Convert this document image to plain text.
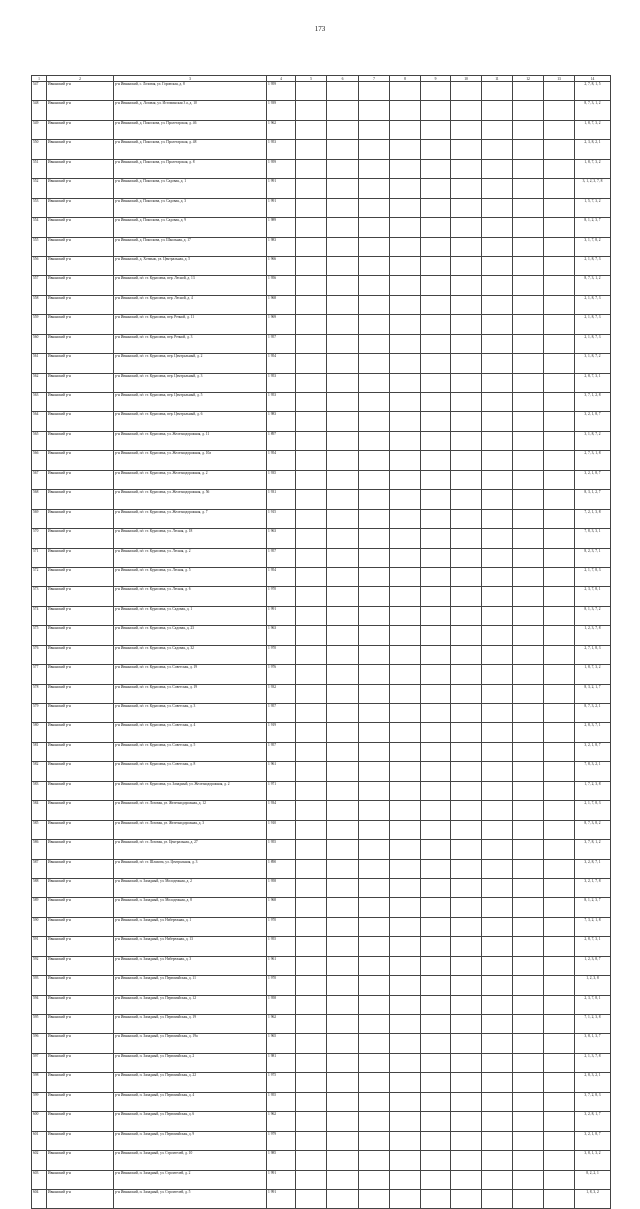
173
1	2	3	4	5	6	7	8	9	10	11	12	13	14
547	Ивнянский р-н	р-н Ивнянский, с. Лозовая, ул. Горовская, д. 8	1 959										2, 7, 8, 1, 5
548	Ивнянский р-н	р-н Ивнянский, д. Лозовая, ул. Истоминская 3 а, д. 10	1 939										8, 7, 3, 1, 2
549	Ивнянский р-н	р-н Ивнянский, д. Покоскова, ул. Пролетарская, д. 46	1 962										1, 8, 7, 3, 2
550	Ивнянский р-н	р-н Ивнянский, д. Покоскова, ул. Пролетарская, д. 48	1 953										2, 3, 8, 2, 1
551	Ивнянский р-н	р-н Ивнянский, д. Покоскова, ул. Пролетарская, д. 8	1 959										1, 8, 7, 3, 2
552	Ивнянский р-н	р-н Ивнянский, д. Покоскова, ул. Садовая, д. 1	1 991										3, 1, 2, 3, 7, 8
553	Ивнянский р-н	р-н Ивнянский, д. Покоскова, ул. Садовая, д. 3	1 991										1, 5, 7, 3, 2
554	Ивнянский р-н	р-н Ивнянский, д. Покоскова, ул. Садовая, д. 9	1 989										8, 1, 2, 3, 7
555	Ивнянский р-н	р-н Ивнянский, д. Покоскова, ул. Школьная, д. 17	1 983										3, 1, 7, 8, 2
556	Ивнянский р-н	р-н Ивнянский, д. Хотмыж, ул. Центральная, д. 5	1 966										2, 1, 8, 7, 3
557	Ивнянский р-н	р-н Ивнянский, п/с ст. Курасовка, пер. Лесной, д. 13	1 956										8, 7, 3, 1, 2
558	Ивнянский р-н	р-н Ивнянский, п/с ст. Курасовка, пер. Лесной, д. 4	1 968										2, 1, 8, 7, 3
559	Ивнянский р-н	р-н Ивнянский, п/с ст. Курасовка, пер. Речной, д. 11	1 969										2, 1, 8, 7, 3
560	Ивнянский р-н	р-н Ивнянский, п/с ст. Курасовка, пер. Речной, д. 3	1 957										2, 1, 8, 7, 3
561	Ивнянский р-н	р-н Ивнянский, п/с ст. Курасовка, пер. Центральный, д. 2	1 954										3, 1, 8, 7, 2
562	Ивнянский р-н	р-н Ивнянский, п/с ст. Курасовка, пер. Центральный, д. 3	1 953										2, 8, 7, 3, 1
563	Ивнянский р-н	р-н Ивнянский, п/с ст. Курасовка, пер. Центральный, д. 5	1 953										3, 7, 1, 2, 8
564	Ивнянский р-н	р-н Ивнянский, п/с ст. Курасовка, пер. Центральный, д. 6	1 983										3, 2, 1, 8, 7
565	Ивнянский р-н	р-н Ивнянский, п/с ст. Курасовка, ул. Железнодорожная, д. 11	1 897										3, 1, 8, 7, 2
566	Ивнянский р-н	р-н Ивнянский, п/с ст. Курасовка, ул. Железнодорожная, д. 10а	1 954										2, 7, 3, 1, 8
567	Ивнянский р-н	р-н Ивнянский, п/с ст. Курасовка, ул. Железнодорожная, д. 2	1 935										3, 2, 1, 8, 7
568	Ивнянский р-н	р-н Ивнянский, п/с ст. Курасовка, ул. Железнодорожная, д. 56	1 931										8, 3, 1, 2, 7
569	Ивнянский р-н	р-н Ивнянский, п/с ст. Курасовка, ул. Железнодорожная, д. 7	1 915										7, 2, 1, 3, 8
570	Ивнянский р-н	р-н Ивнянский, п/с ст. Курасовка, ул. Лесная, д. 18	1 963										7, 8, 3, 3, 1
571	Ивнянский р-н	р-н Ивнянский, п/с ст. Курасовка, ул. Лесная, д. 2	1 957										8, 2, 3, 7, 1
572	Ивнянский р-н	р-н Ивнянский, п/с ст. Курасовка, ул. Лесная, д. 5	1 954										2, 1, 7, 8, 3
573	Ивнянский р-н	р-н Ивнянский, п/с ст. Курасовка, ул. Лесная, д. 6	1 970										2, 3, 7, 8, 1
574	Ивнянский р-н	р-н Ивнянский, п/с ст. Курасовка, ул. Садовая, д. 1	1 991										8, 1, 3, 7, 2
575	Ивнянский р-н	р-н Ивнянский, п/с ст. Курасовка, ул. Садовая, д. 23	1 963										1, 2, 3, 7, 8
576	Ивнянский р-н	р-н Ивнянский, п/с ст. Курасовка, ул. Садовая, д. 32	1 970										2, 7, 1, 8, 3
577	Ивнянский р-н	р-н Ивнянский, п/с ст. Курасовка, ул. Советская, д. 19	1 976										1, 8, 7, 3, 2
578	Ивнянский р-н	р-н Ивнянский, п/с ст. Курасовка, ул. Советская, д. 19	1 932										8, 3, 2, 1, 7
579	Ивнянский р-н	р-н Ивнянский, п/с ст. Курасовка, ул. Советская, д. 3	1 957										8, 7, 3, 2, 1
580	Ивнянский р-н	р-н Ивнянский, п/с ст. Курасовка, ул. Советская, д. 4	1 919										2, 8, 3, 7, 1
581	Ивнянский р-н	р-н Ивнянский, п/с ст. Курасовка, ул. Советская, д. 5	1 957										3, 2, 1, 8, 7
582	Ивнянский р-н	р-н Ивнянский, п/с ст. Курасовка, ул. Советская, д. 8	1 961										7, 8, 3, 2, 1
583	Ивнянский р-н	р-н Ивнянский, п/с ст. Курасовка, ул. Западный, ул. Железнодорожная, д. 2	1 971										1, 7, 2, 3, 8
584	Ивнянский р-н	р-н Ивнянский, п/с ст. Лозовая, ул. Железнодорожная, д. 12	1 934										2, 1, 7, 8, 3
585	Ивнянский р-н	р-н Ивнянский, п/с ст. Лозовая, ул. Железнодорожная, д. 3	1 910										8, 7, 3, 8, 2
586	Ивнянский р-н	р-н Ивнянский, п/с ст. Лозовая, ул. Центральная, д. 27	1 955										3, 7, 8, 1, 2
587	Ивнянский р-н	р-н Ивнянский, п/с ст. Шляхова, ул. Центральная, д. 3	1 890										3, 2, 8, 7, 1
588	Ивнянский р-н	р-н Ивнянский, п. Западный, ул. Молодежная, д. 2	1 958										3, 2, 1, 7, 8
589	Ивнянский р-н	р-н Ивнянский, п. Западный, ул. Молодежная, д. 8	1 968										8, 1, 2, 3, 7
590	Ивнянский р-н	р-н Ивнянский, п. Западный, ул. Набережная, д. 1	1 970										7, 3, 2, 1, 8
591	Ивнянский р-н	р-н Ивнянский, п. Западный, ул. Набережная, д. 13	1 955										2, 8, 7, 3, 1
592	Ивнянский р-н	р-н Ивнянский, п. Западный, ул. Набережная, д. 3	1 961										1, 2, 3, 8, 7
593	Ивнянский р-н	р-н Ивнянский, п. Западный, ул. Первомайская, д. 11	1 970										1, 2, 3, 8
594	Ивнянский р-н	р-н Ивнянский, п. Западный, ул. Первомайская, д. 12	1 958										2, 3, 7, 8, 1
595	Ивнянский р-н	р-н Ивнянский, п. Западный, ул. Первомайская, д. 19	1 962										7, 1, 2, 3, 8
596	Ивнянский р-н	р-н Ивнянский, п. Западный, ул. Первомайская, д. 19а	1 965										3, 8, 1, 3, 7
597	Ивнянский р-н	р-н Ивнянский, п. Западный, ул. Первомайская, д. 2	1 981										2, 1, 3, 7, 8
598	Ивнянский р-н	р-н Ивнянский, п. Западный, ул. Первомайская, д. 22	1 975										2, 8, 3, 2, 1
599	Ивнянский р-н	р-н Ивнянский, п. Западный, ул. Первомайская, д. 4	1 955										3, 7, 2, 8, 3
600	Ивнянский р-н	р-н Ивнянский, п. Западный, ул. Первомайская, д. 6	1 962										3, 2, 8, 1, 7
601	Ивнянский р-н	р-н Ивнянский, п. Западный, ул. Первомайская, д. 9	1 979										3, 2, 1, 8, 7
602	Ивнянский р-н	р-н Ивнянский, п. Западный, ул. Строителей, д. 10	1 985										3, 8, 1, 3, 2
603	Ивнянский р-н	р-н Ивнянский, п. Западный, ул. Строителей, д. 2	1 991										8, 2, 2, 1
604	Ивнянский р-н	р-н Ивнянский, п. Западный, ул. Строителей, д. 5	1 991										1, 8, 3, 2
